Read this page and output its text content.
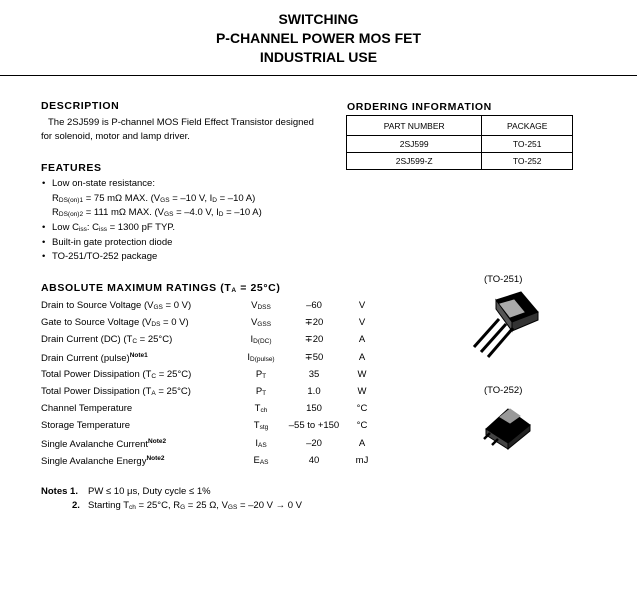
SWITCHING
P-CHANNEL POWER MOS FET
INDUSTRIAL USE
DESCRIPTION
The 2SJ599 is P-channel MOS Field Effect Transistor designed
for solenoid, motor and lamp driver.
ORDERING INFORMATION
PART NUMBER	PACKAGE
2SJ599	TO-251
2SJ599-Z	TO-252
FEATURES
• Low on-state resistance:
$R_{DS(on)1} = 75$ mΩ MAX. ($V_{GS} = -10$ V, $I_D = -10$ A)
$R_{DS(on)2} = 111$ mΩ MAX. ($V_{GS} = -4.0$ V, $I_D = -10$ A)
• Low $C_{iss}$: $C_{iss} = 1300$ pF TYP.
• Built-in gate protection diode
• TO-251/TO-252 package
ABSOLUTE MAXIMUM RATINGS $(T_A = 25^\circ C)$
Drain to Source Voltage ($V_{GS} = 0$ V)	$V_{DSS}$	–60	V
Gate to Source Voltage ($V_{DS} = 0$ V)	$V_{GSS}$	∓20	V
Drain Current (DC) $(T_C = 25^\circ C)$	$I_{D(DC)}$	∓20	A
Drain Current (pulse)$^{Note1}$	$I_{D(pulse)}$	∓50	A
Total Power Dissipation $(T_C = 25^\circ C)$	$P_T$	35	W
Total Power Dissipation $(T_A = 25^\circ C)$	$P_T$	1.0	W
Channel Temperature	$T_{ch}$	150	°C
Storage Temperature	$T_{stg}$	–55 to +150	°C
Single Avalanche Current$^{Note2}$	$I_{AS}$	–20	A
Single Avalanche Energy$^{Note2}$	$E_{AS}$	40	mJ
(TO-251)
(TO-252)
Notes 1. PW ≤ 10 μs, Duty cycle ≤ 1%
2. Starting $T_{ch} = 25^\circ C$, $R_G = 25$ Ω, $V_{GS} = -20$ V → 0 V
